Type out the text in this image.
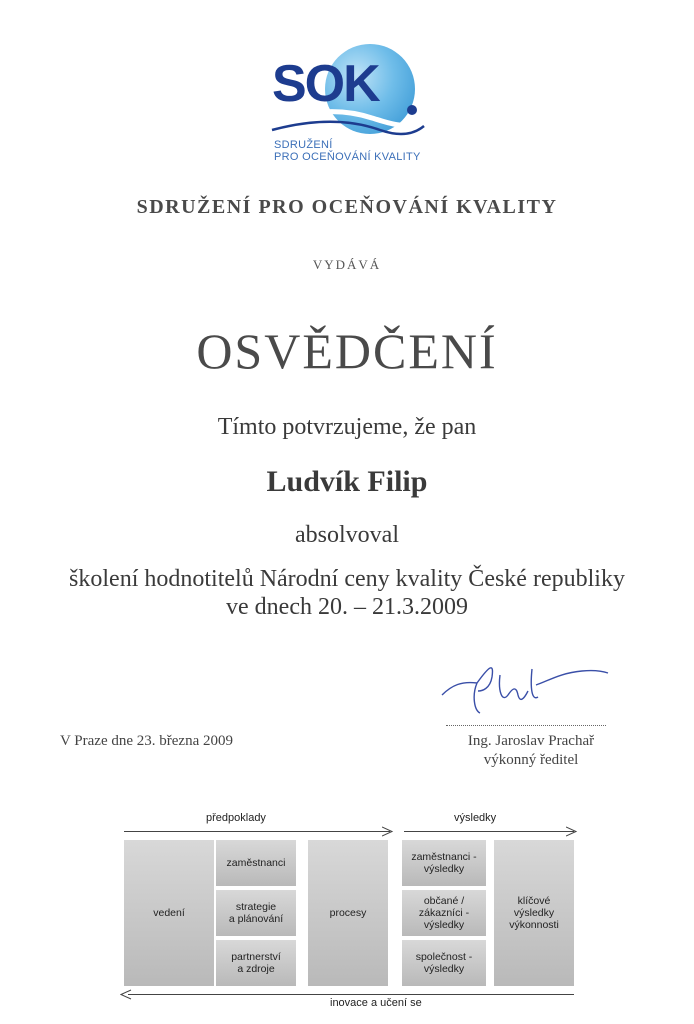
SOK
SDRUŽENÍ
PRO OCEŇOVÁNÍ KVALITY
SDRUŽENÍ PRO OCEŇOVÁNÍ KVALITY
VYDÁVÁ
OSVĚDČENÍ
Tímto potvrzujeme, že pan
Ludvík Filip
absolvoval
školení hodnotitelů Národní ceny kvality České republiky
ve dnech 20. – 21.3.2009
V Praze dne 23. března 2009	Ing. Jaroslav Prachař
výkonný ředitel
předpoklady	výsledky
vedení
zaměstnanci
strategie
a plánování
partnerství
a zdroje
procesy
zaměstnanci -
výsledky
občané /
zákazníci -
výsledky
společnost -
výsledky
klíčové
výsledky
výkonnosti
inovace a učení se
